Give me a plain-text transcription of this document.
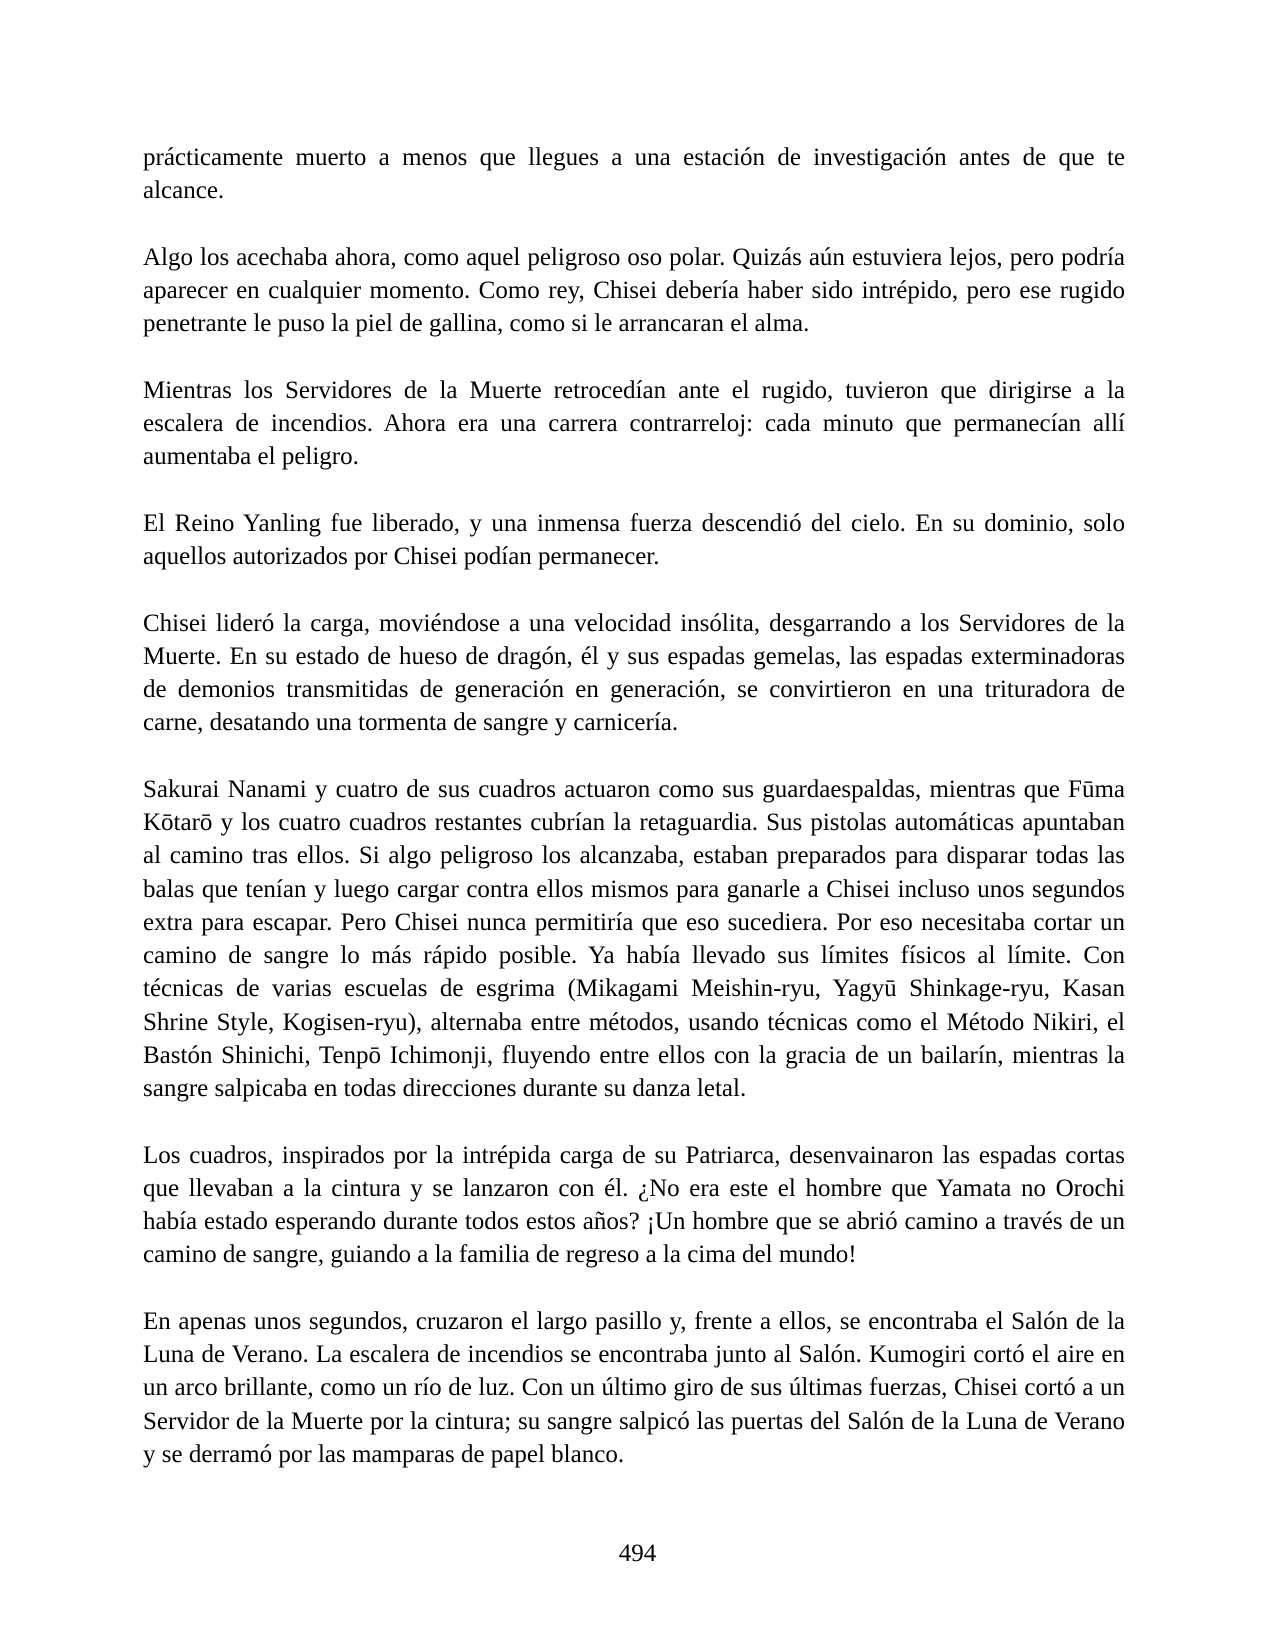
prácticamente muerto a menos que llegues a una estación de investigación antes de que te alcance.

Algo los acechaba ahora, como aquel peligroso oso polar. Quizás aún estuviera lejos, pero podría aparecer en cualquier momento. Como rey, Chisei debería haber sido intrépido, pero ese rugido penetrante le puso la piel de gallina, como si le arrancaran el alma.

Mientras los Servidores de la Muerte retrocedían ante el rugido, tuvieron que dirigirse a la escalera de incendios. Ahora era una carrera contrarreloj: cada minuto que permanecían allí aumentaba el peligro.

El Reino Yanling fue liberado, y una inmensa fuerza descendió del cielo. En su dominio, solo aquellos autorizados por Chisei podían permanecer.

Chisei lideró la carga, moviéndose a una velocidad insólita, desgarrando a los Servidores de la Muerte. En su estado de hueso de dragón, él y sus espadas gemelas, las espadas exterminadoras de demonios transmitidas de generación en generación, se convirtieron en una trituradora de carne, desatando una tormenta de sangre y carnicería.

Sakurai Nanami y cuatro de sus cuadros actuaron como sus guardaespaldas, mientras que Fūma Kōtarō y los cuatro cuadros restantes cubrían la retaguardia. Sus pistolas automáticas apuntaban al camino tras ellos. Si algo peligroso los alcanzaba, estaban preparados para disparar todas las balas que tenían y luego cargar contra ellos mismos para ganarle a Chisei incluso unos segundos extra para escapar. Pero Chisei nunca permitiría que eso sucediera. Por eso necesitaba cortar un camino de sangre lo más rápido posible. Ya había llevado sus límites físicos al límite. Con técnicas de varias escuelas de esgrima (Mikagami Meishin-ryu, Yagyū Shinkage-ryu, Kasan Shrine Style, Kogisen-ryu), alternaba entre métodos, usando técnicas como el Método Nikiri, el Bastón Shinichi, Tenpō Ichimonji, fluyendo entre ellos con la gracia de un bailarín, mientras la sangre salpicaba en todas direcciones durante su danza letal.

Los cuadros, inspirados por la intrépida carga de su Patriarca, desenvainaron las espadas cortas que llevaban a la cintura y se lanzaron con él. ¿No era este el hombre que Yamata no Orochi había estado esperando durante todos estos años? ¡Un hombre que se abrió camino a través de un camino de sangre, guiando a la familia de regreso a la cima del mundo!

En apenas unos segundos, cruzaron el largo pasillo y, frente a ellos, se encontraba el Salón de la Luna de Verano. La escalera de incendios se encontraba junto al Salón. Kumogiri cortó el aire en un arco brillante, como un río de luz. Con un último giro de sus últimas fuerzas, Chisei cortó a un Servidor de la Muerte por la cintura; su sangre salpicó las puertas del Salón de la Luna de Verano y se derramó por las mamparas de papel blanco.

494
